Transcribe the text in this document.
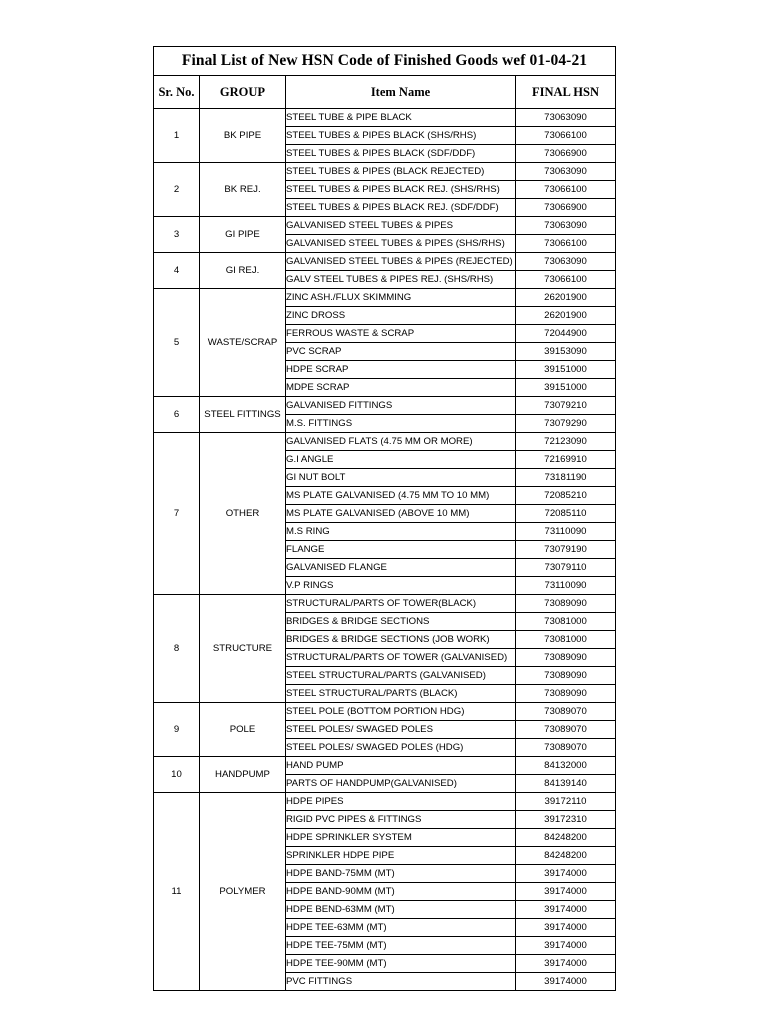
Final List of New HSN Code of Finished Goods wef 01-04-21			
Sr. No.	GROUP	Item Name	FINAL HSN
1	BK PIPE	STEEL TUBE & PIPE BLACK	73063090
		STEEL TUBES & PIPES BLACK (SHS/RHS)	73066100
		STEEL TUBES & PIPES BLACK (SDF/DDF)	73066900
2	BK REJ.	STEEL TUBES & PIPES (BLACK REJECTED)	73063090
		STEEL TUBES & PIPES BLACK REJ. (SHS/RHS)	73066100
		STEEL TUBES & PIPES BLACK REJ. (SDF/DDF)	73066900
3	GI PIPE	GALVANISED STEEL TUBES & PIPES	73063090
		GALVANISED STEEL TUBES & PIPES (SHS/RHS)	73066100
4	GI REJ.	GALVANISED STEEL TUBES & PIPES (REJECTED)	73063090
		GALV STEEL TUBES & PIPES REJ. (SHS/RHS)	73066100
5	WASTE/SCRAP	ZINC ASH./FLUX SKIMMING	26201900
		ZINC DROSS	26201900
		FERROUS WASTE & SCRAP	72044900
		PVC SCRAP	39153090
		HDPE SCRAP	39151000
		MDPE SCRAP	39151000
6	STEEL FITTINGS	GALVANISED FITTINGS	73079210
		M.S. FITTINGS	73079290
7	OTHER	GALVANISED FLATS (4.75 MM OR MORE)	72123090
		G.I ANGLE	72169910
		GI NUT BOLT	73181190
		MS PLATE GALVANISED (4.75 MM TO 10 MM)	72085210
		MS PLATE GALVANISED (ABOVE 10 MM)	72085110
		M.S RING	73110090
		FLANGE	73079190
		GALVANISED FLANGE	73079110
		V.P RINGS	73110090
8	STRUCTURE	STRUCTURAL/PARTS OF TOWER(BLACK)	73089090
		BRIDGES & BRIDGE SECTIONS	73081000
		BRIDGES & BRIDGE SECTIONS (JOB WORK)	73081000
		STRUCTURAL/PARTS OF TOWER (GALVANISED)	73089090
		STEEL STRUCTURAL/PARTS (GALVANISED)	73089090
		STEEL STRUCTURAL/PARTS (BLACK)	73089090
9	POLE	STEEL POLE (BOTTOM PORTION HDG)	73089070
		STEEL POLES/ SWAGED POLES	73089070
		STEEL POLES/ SWAGED POLES (HDG)	73089070
10	HANDPUMP	HAND PUMP	84132000
		PARTS OF HANDPUMP(GALVANISED)	84139140
11	POLYMER	HDPE PIPES	39172110
		RIGID PVC PIPES & FITTINGS	39172310
		HDPE SPRINKLER SYSTEM	84248200
		SPRINKLER HDPE PIPE	84248200
		HDPE BAND-75MM (MT)	39174000
		HDPE BAND-90MM (MT)	39174000
		HDPE BEND-63MM (MT)	39174000
		HDPE TEE-63MM (MT)	39174000
		HDPE TEE-75MM (MT)	39174000
		HDPE TEE-90MM (MT)	39174000
		PVC FITTINGS	39174000
